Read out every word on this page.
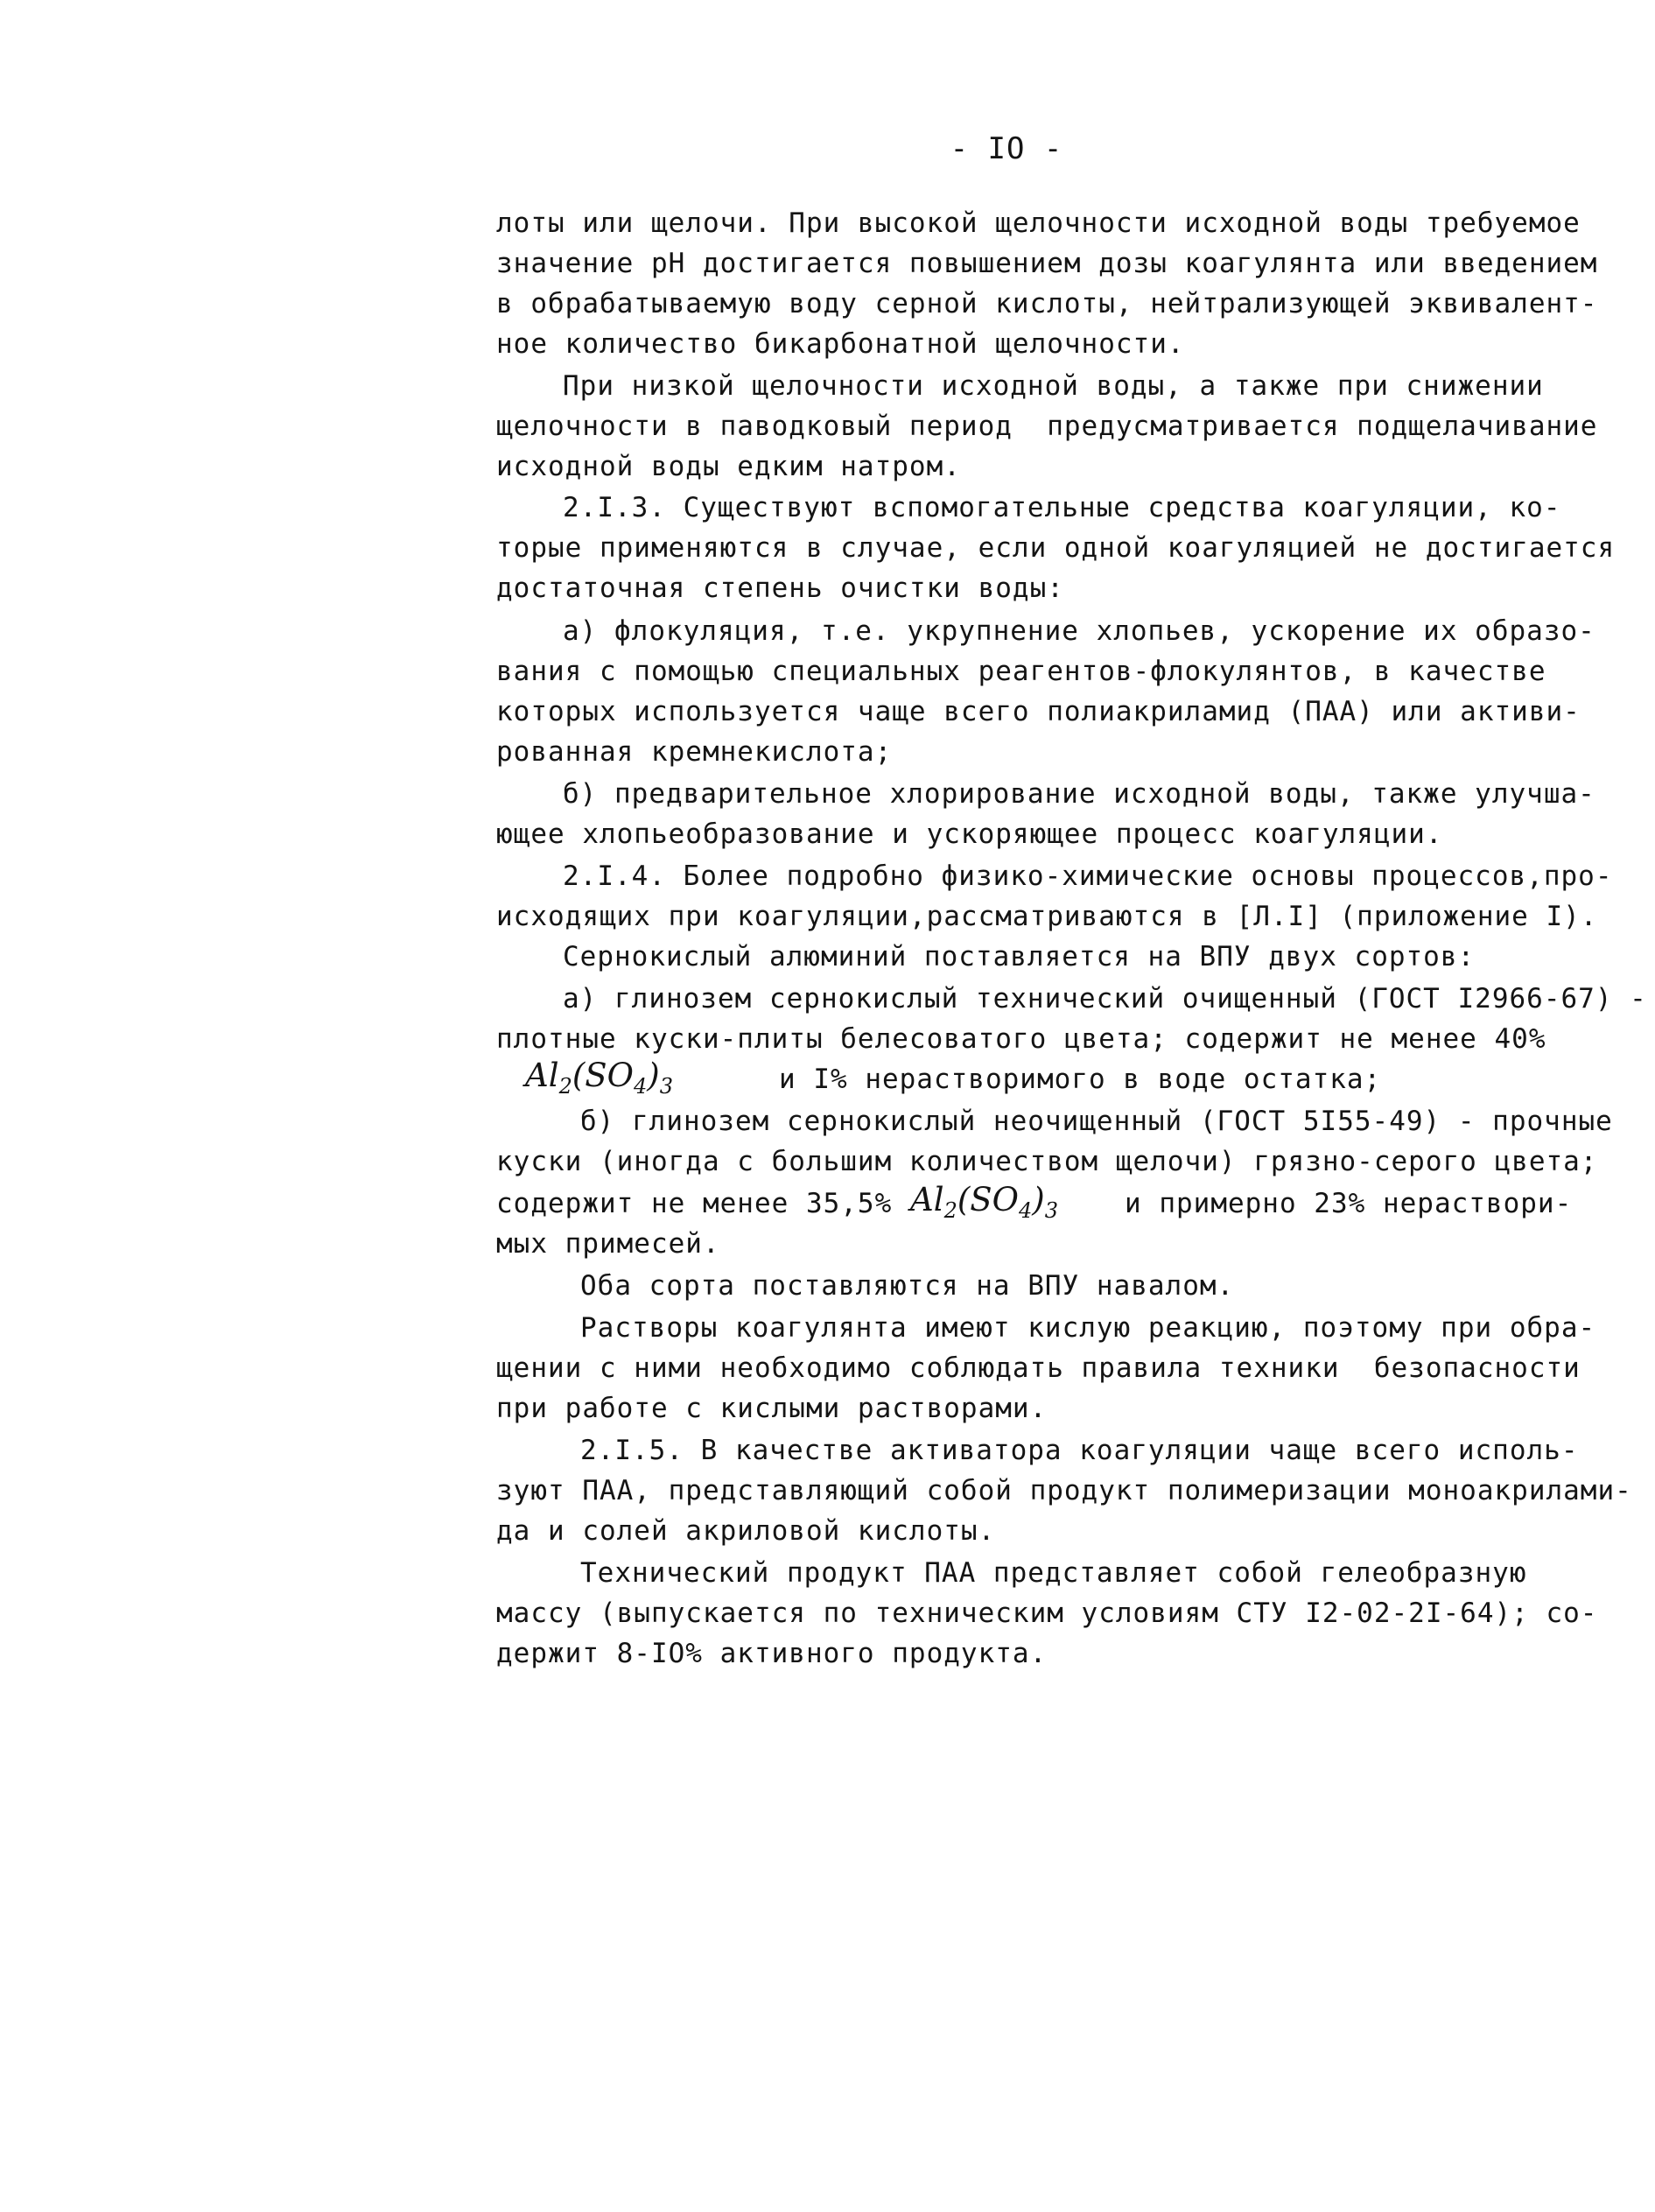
- IO -
лоты или щелочи. При высокой щелочности исходной воды требуемое
значение рН достигается повышением дозы коагулянта или введением
в обрабатываемую воду серной кислоты, нейтрализующей эквивалент-
ное количество бикарбонатной щелочности.
При низкой щелочности исходной воды, а также при снижении
щелочности в паводковый период  предусматривается подщелачивание
исходной воды едким натром.
2.I.3. Существуют вспомогательные средства коагуляции, ко-
торые применяются в случае, если одной коагуляцией не достигается
достаточная степень очистки воды:
а) флокуляция, т.е. укрупнение хлопьев, ускорение их образо-
вания с помощью специальных реагентов-флокулянтов, в качестве
которых используется чаще всего полиакриламид (ПАА) или активи-
рованная кремнекислота;
б) предварительное хлорирование исходной воды, также улучша-
ющее хлопьеобразование и ускоряющее процесс коагуляции.
2.I.4. Более подробно физико-химические основы процессов,про-
исходящих при коагуляции,рассматриваются в [Л.I] (приложение I).
Сернокислый алюминий поставляется на ВПУ двух сортов:
а) глинозем сернокислый технический очищенный (ГОСТ I2966-67) -
плотные куски-плиты белесоватого цвета; содержит не менее 40%
$Al_2(SO_4)_3$	и I% нерастворимого в воде остатка;
б) глинозем сернокислый неочищенный (ГОСТ 5I55-49) - прочные
куски (иногда с большим количеством щелочи) грязно-серого цвета;
содержит не менее 35,5% $Al_2(SO_4)_3$ и примерно 23% нераствори-
мых примесей.
Оба сорта поставляются на ВПУ навалом.
Растворы коагулянта имеют кислую реакцию, поэтому при обра-
щении с ними необходимо соблюдать правила техники  безопасности
при работе с кислыми растворами.
2.I.5. В качестве активатора коагуляции чаще всего исполь-
зуют ПАА, представляющий собой продукт полимеризации моноакрилами-
да и солей акриловой кислоты.
Технический продукт ПАА представляет собой гелеобразную
массу (выпускается по техническим условиям СТУ I2-02-2I-64); со-
держит 8-IO% активного продукта.
